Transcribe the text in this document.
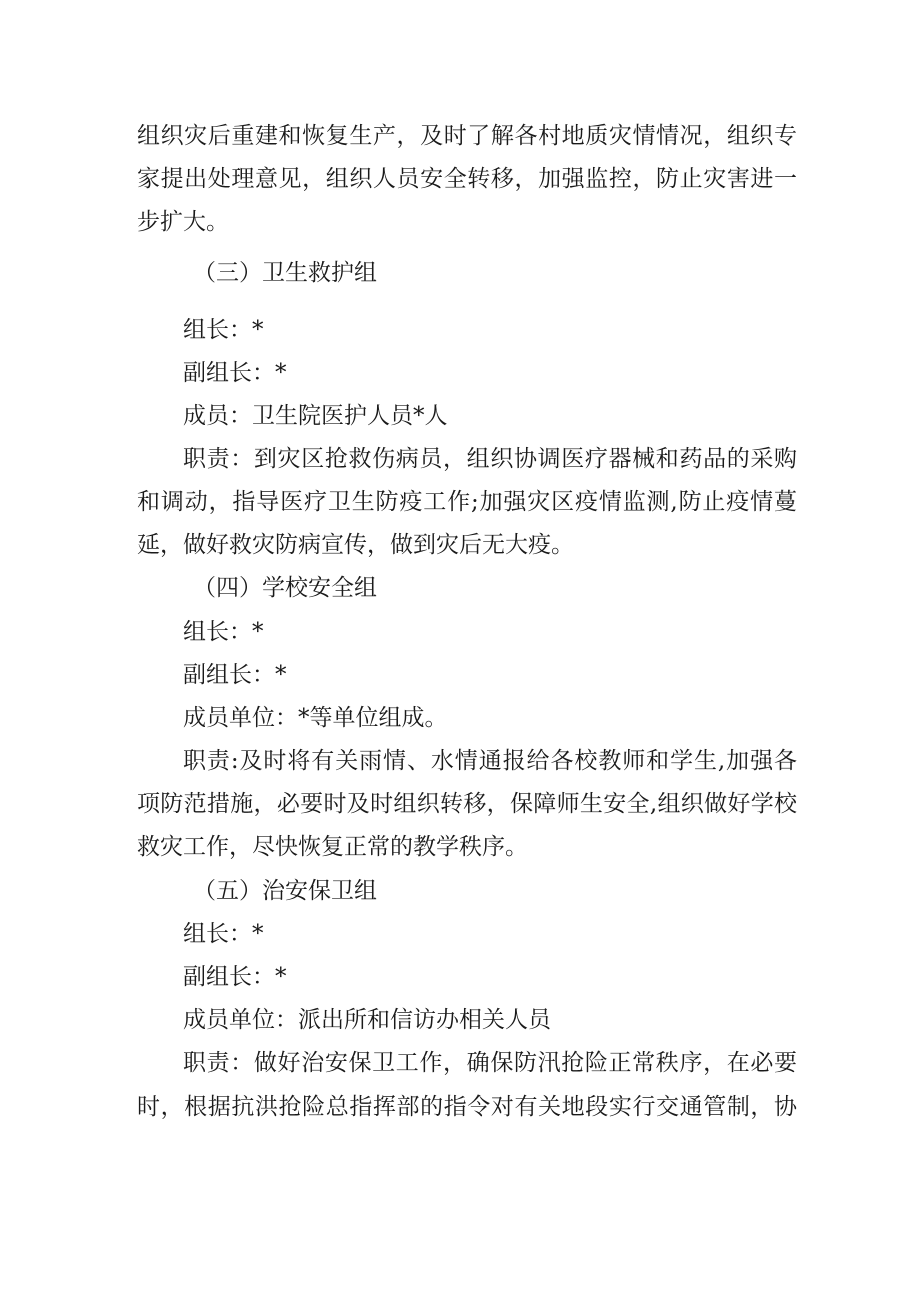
组织灾后重建和恢复生产，及时了解各村地质灾情情况，组织专
家提出处理意见，组织人员安全转移，加强监控，防止灾害进一
步扩大。
（三）卫生救护组
组长：*
副组长：*
成员：卫生院医护人员*人
职责：到灾区抢救伤病员，组织协调医疗器械和药品的采购
和调动，指导医疗卫生防疫工作;加强灾区疫情监测,防止疫情蔓
延，做好救灾防病宣传，做到灾后无大疫。
（四）学校安全组
组长：*
副组长：*
成员单位：*等单位组成。
职责:及时将有关雨情、水情通报给各校教师和学生,加强各
项防范措施，必要时及时组织转移，保障师生安全,组织做好学校
救灾工作，尽快恢复正常的教学秩序。
（五）治安保卫组
组长：*
副组长：*
成员单位：派出所和信访办相关人员
职责：做好治安保卫工作，确保防汛抢险正常秩序，在必要
时，根据抗洪抢险总指挥部的指令对有关地段实行交通管制，协
